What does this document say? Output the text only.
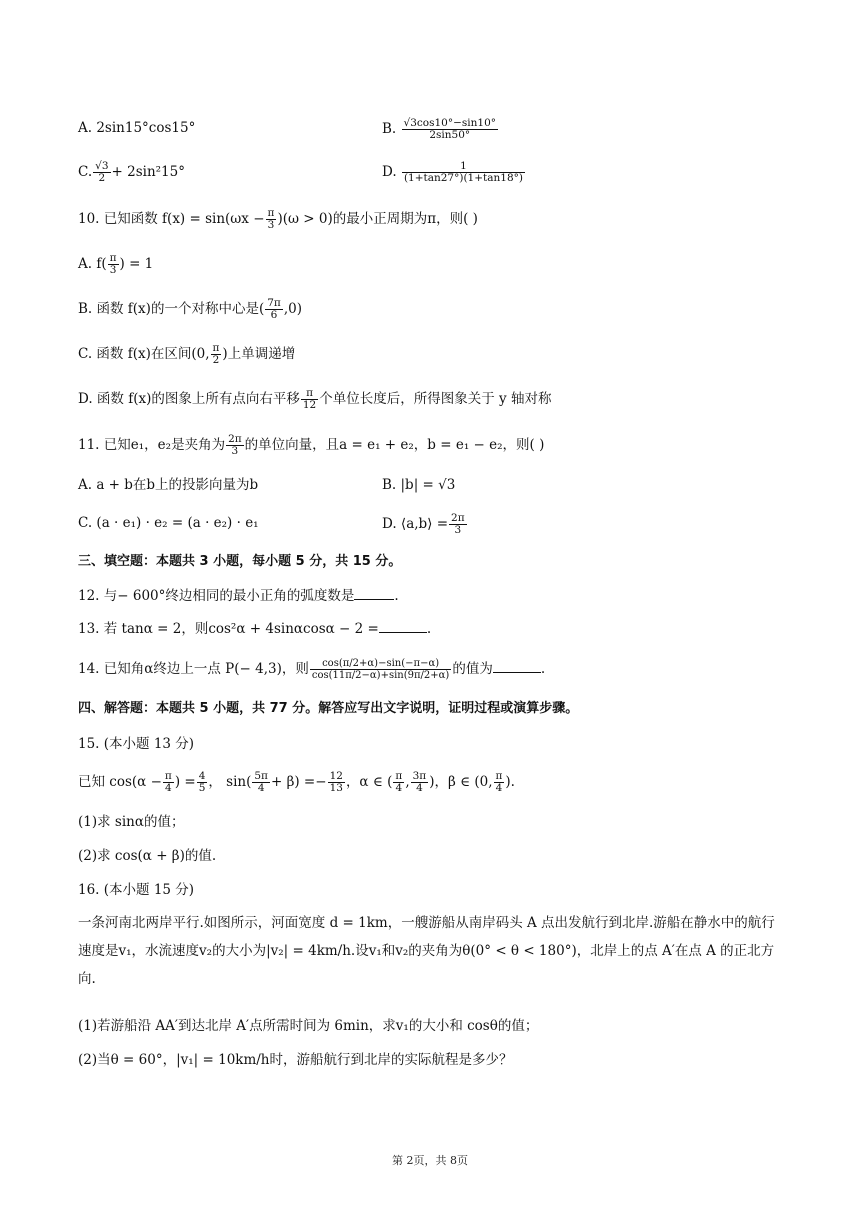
A. 2sin15°cos15°	B. $\frac{√3\cos 10^\circ-\sin 10^\circ}{2\sin 50^\circ}$
C. $\frac{√3}{2} + 2\sin^215^\circ$	D. $\frac{1}{(1+\tan 27^\circ)(1+\tan 18^\circ)}$
10. 已知函数 $f(x) = \sin(\omega x - \frac{\pi}{3} )(\omega > 0)$的最小正周期为π，则( )
A. $f( \frac{\pi}{3}$ ) = 1
B. 函数 f(x)的一个对称中心是( $\frac{7\pi}{6} ,0$)
C. 函数 f(x)在区间(0, $\frac{\pi}{2}$ )上单调递增
D. 函数 f(x)的图象上所有点向右平移 $\frac{\pi}{12}$ 个单位长度后，所得图象关于 y 轴对称
11. 已知e₁，e₂是夹角为 $\frac{2\pi}{3}$ 的单位向量，且a = e₁ + e₂，b = e₁ − e₂，则( )
A. a + b在b上的投影向量为b	B. |b| = √3
C. (a · e₁) · e₂ = (a · e₂) · e₁	D. ⟨a,b⟩ = $\frac{2\pi}{3}$
三、填空题：本题共 3 小题，每小题 5 分，共 15 分。
12. 与− 600°终边相同的最小正角的弧度数是	.
13. 若 tanα = 2，则cos²α + 4sinαcosα − 2 =	.
14. 已知角α终边上一点 P(− 4,3)，则 $\frac{\cos(\pi/2+\alpha)-\sin(-\pi-\alpha)}{\cos(11\pi/2-\alpha)+\sin(9\pi/2+\alpha)}$ 的值为	.
四、解答题：本题共 5 小题，共 77 分。解答应写出文字说明，证明过程或演算步骤。
15. (本小题 13 分)
已知 $\cos(\alpha - \frac{\pi}{4}$ ) = $\frac{4}{5}$ ， $\sin( \frac{5\pi}{4} + \beta) =- \frac{12}{13}$ ，α ∈ ( $\frac{\pi}{4}$ , $\frac{3\pi}{4}$ )，β ∈ (0, $\frac{\pi}{4}$ ).
(1)求 sinα的值；
(2)求 cos(α + β)的值.
16. (本小题 15 分)
一条河南北两岸平行.如图所示，河面宽度 d = 1km，一艘游船从南岸码头 A 点出发航行到北岸.游船在静水中的航行速度是v₁，水流速度v₂的大小为|v₂| = 4km/h.设v₁和v₂的夹角为θ(0° < θ < 180°)，北岸上的点 A′在点 A 的正北方向.
(1)若游船沿 AA′到达北岸 A′点所需时间为 6min，求v₁的大小和 cosθ的值；
(2)当θ = 60°，|v₁| = 10km/h时，游船航行到北岸的实际航程是多少？
第 2页，共 8页
